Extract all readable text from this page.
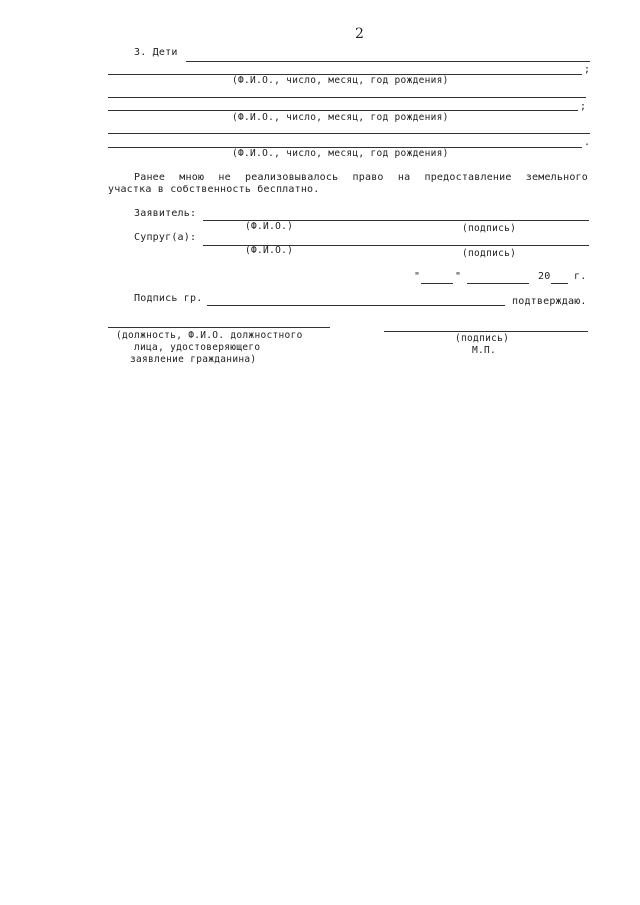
2
3. Дети
;
(Ф.И.О., число, месяц, год рождения)
;
(Ф.И.О., число, месяц, год рождения)
.
(Ф.И.О., число, месяц, год рождения)
Ранее мною не реализовывалось право на предоставление земельного
участка в собственность бесплатно.
Заявитель:
(Ф.И.О.)	(подпись)
Супруг(а):
(Ф.И.О.)	(подпись)
"	"	20 г.
Подпись гр.	подтверждаю.
(должность, Ф.И.О. должностного
лица, удостоверяющего
заявление гражданина)
(подпись)
М.П.
